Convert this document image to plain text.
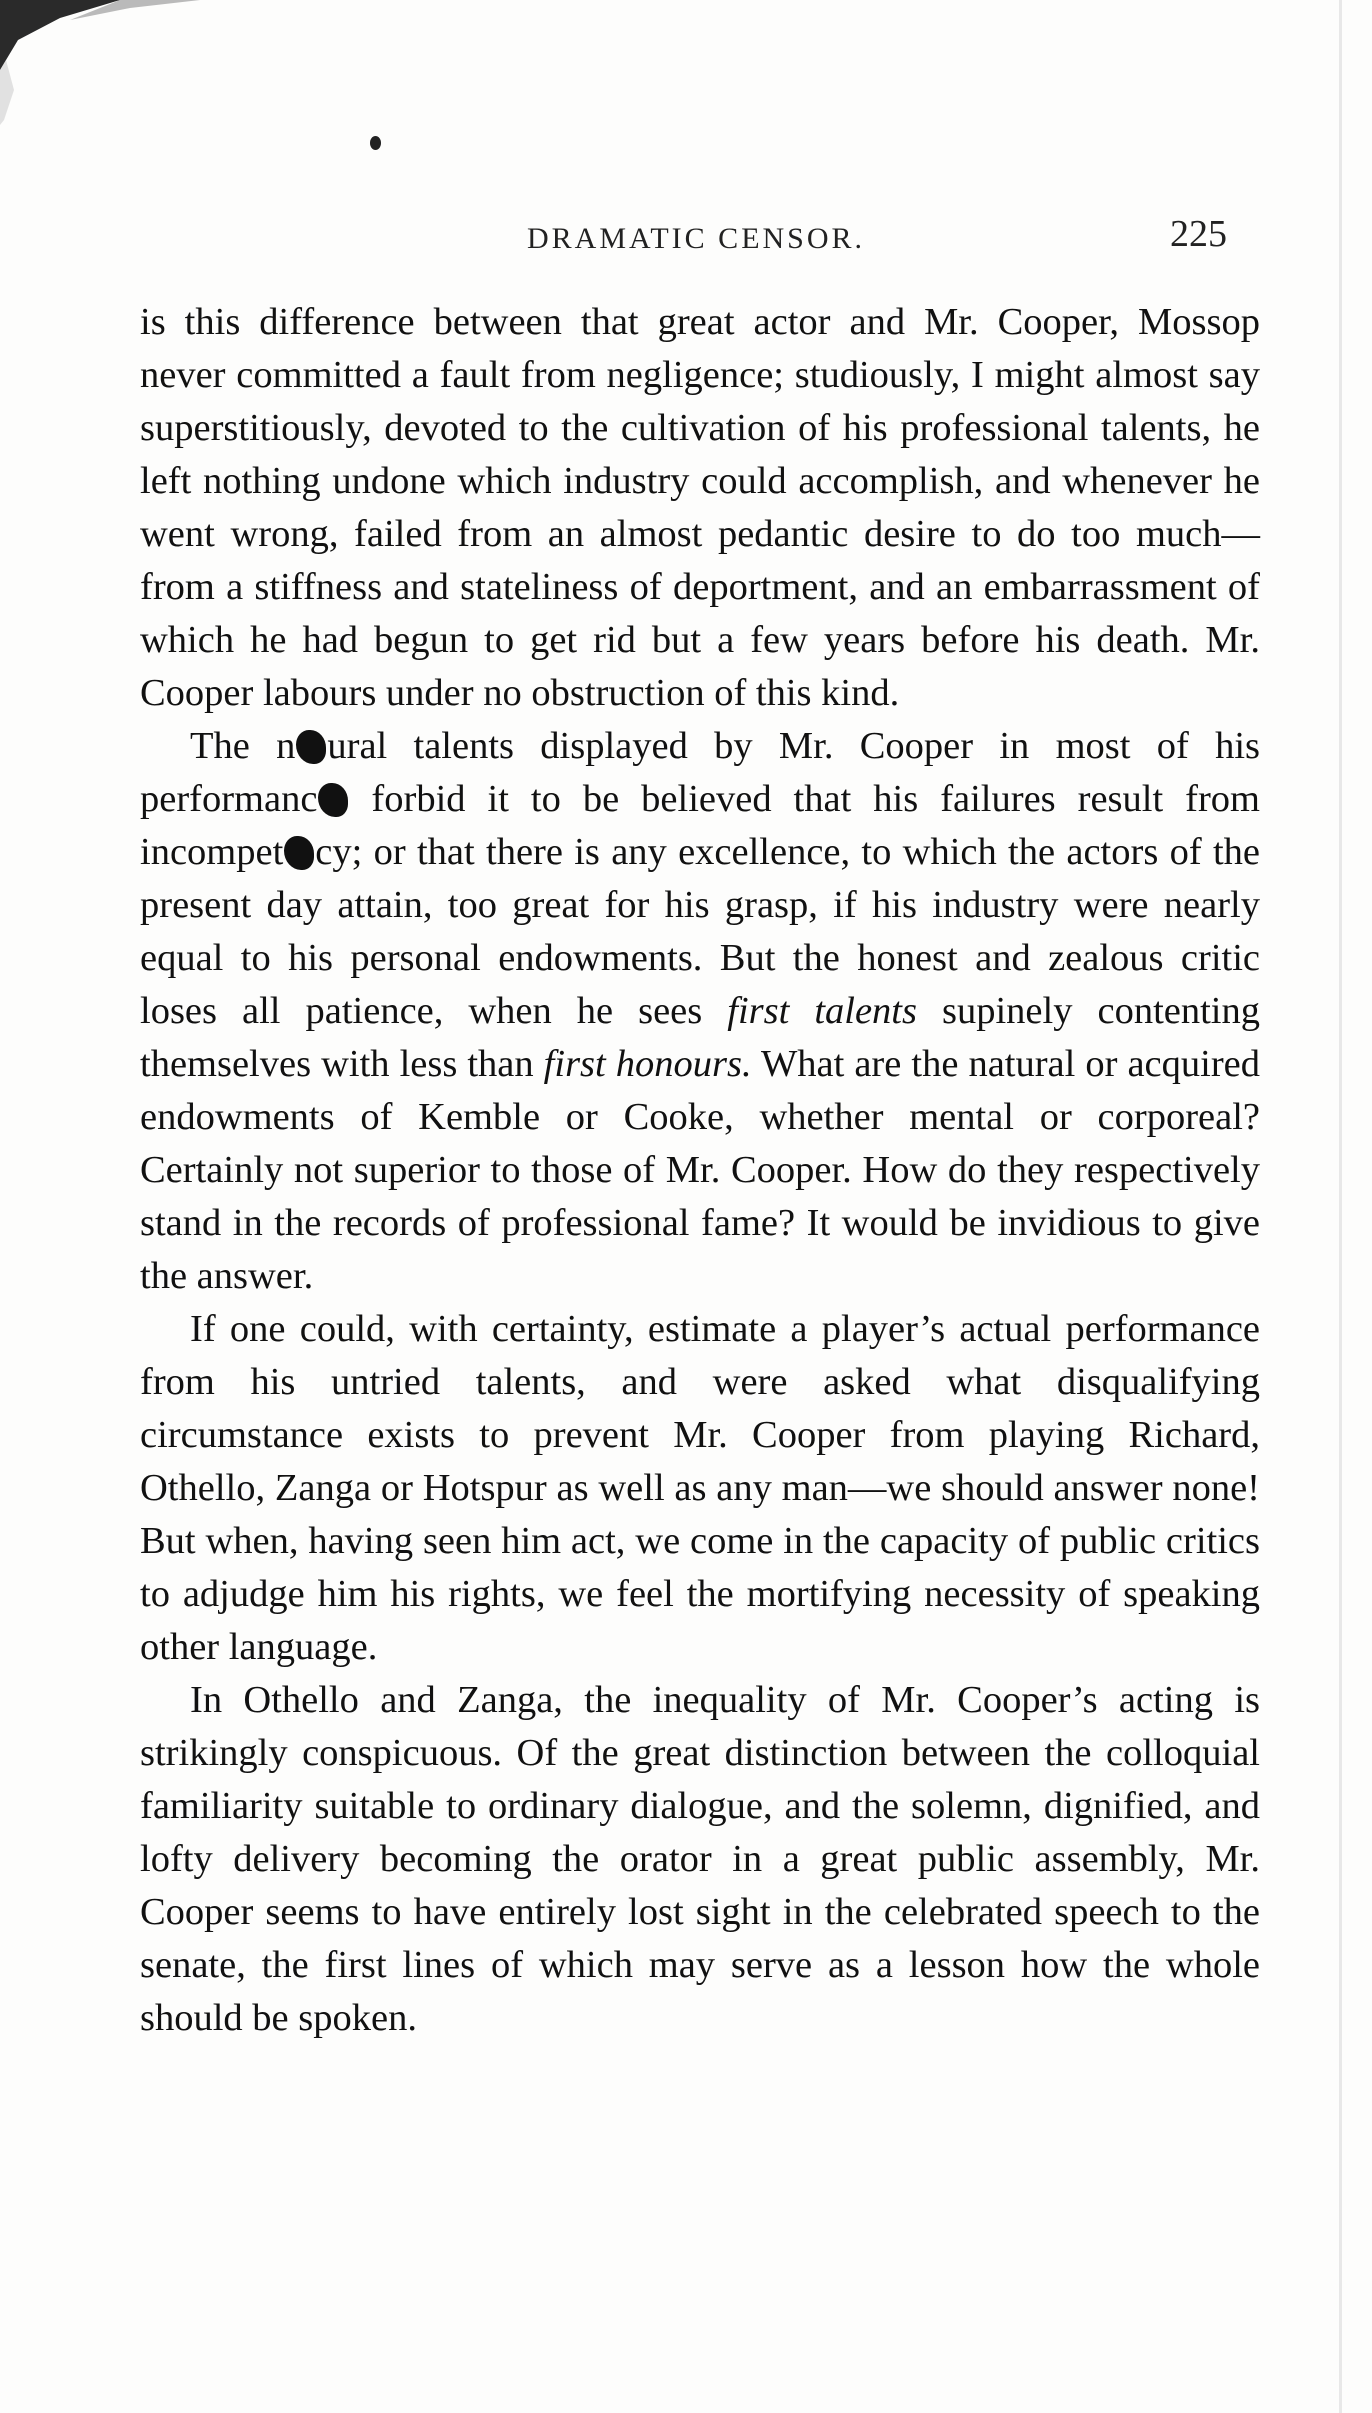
DRAMATIC CENSOR.	225

is this difference between that great actor and Mr. Cooper, Mossop never committed a fault from negligence; studiously, I might almost say superstitiously, devoted to the cultivation of his professional talents, he left nothing undone which industry could accomplish, and whenever he went wrong, failed from an almost pedantic desire to do too much—from a stiffness and stateliness of deportment, and an embarrassment of which he had begun to get rid but a few years before his death. Mr. Cooper labours under no obstruction of this kind.

The n ural talents displayed by Mr. Cooper in most of his performanc forbid it to be believed that his failures result from incompet cy; or that there is any excellence, to which the actors of the present day attain, too great for his grasp, if his industry were nearly equal to his personal endowments. But the honest and zealous critic loses all patience, when he sees first talents supinely contenting themselves with less than first honours. What are the natural or acquired endowments of Kemble or Cooke, whether mental or corporeal? Certainly not superior to those of Mr. Cooper. How do they respectively stand in the records of professional fame? It would be invidious to give the answer.

If one could, with certainty, estimate a player’s actual performance from his untried talents, and were asked what disqualifying circumstance exists to prevent Mr. Cooper from playing Richard, Othello, Zanga or Hotspur as well as any man—we should answer none! But when, having seen him act, we come in the capacity of public critics to adjudge him his rights, we feel the mortifying necessity of speaking other language.

In Othello and Zanga, the inequality of Mr. Cooper’s acting is strikingly conspicuous. Of the great distinction between the colloquial familiarity suitable to ordinary dialogue, and the solemn, dignified, and lofty delivery becoming the orator in a great public assembly, Mr. Cooper seems to have entirely lost sight in the celebrated speech to the senate, the first lines of which may serve as a lesson how the whole should be spoken.
